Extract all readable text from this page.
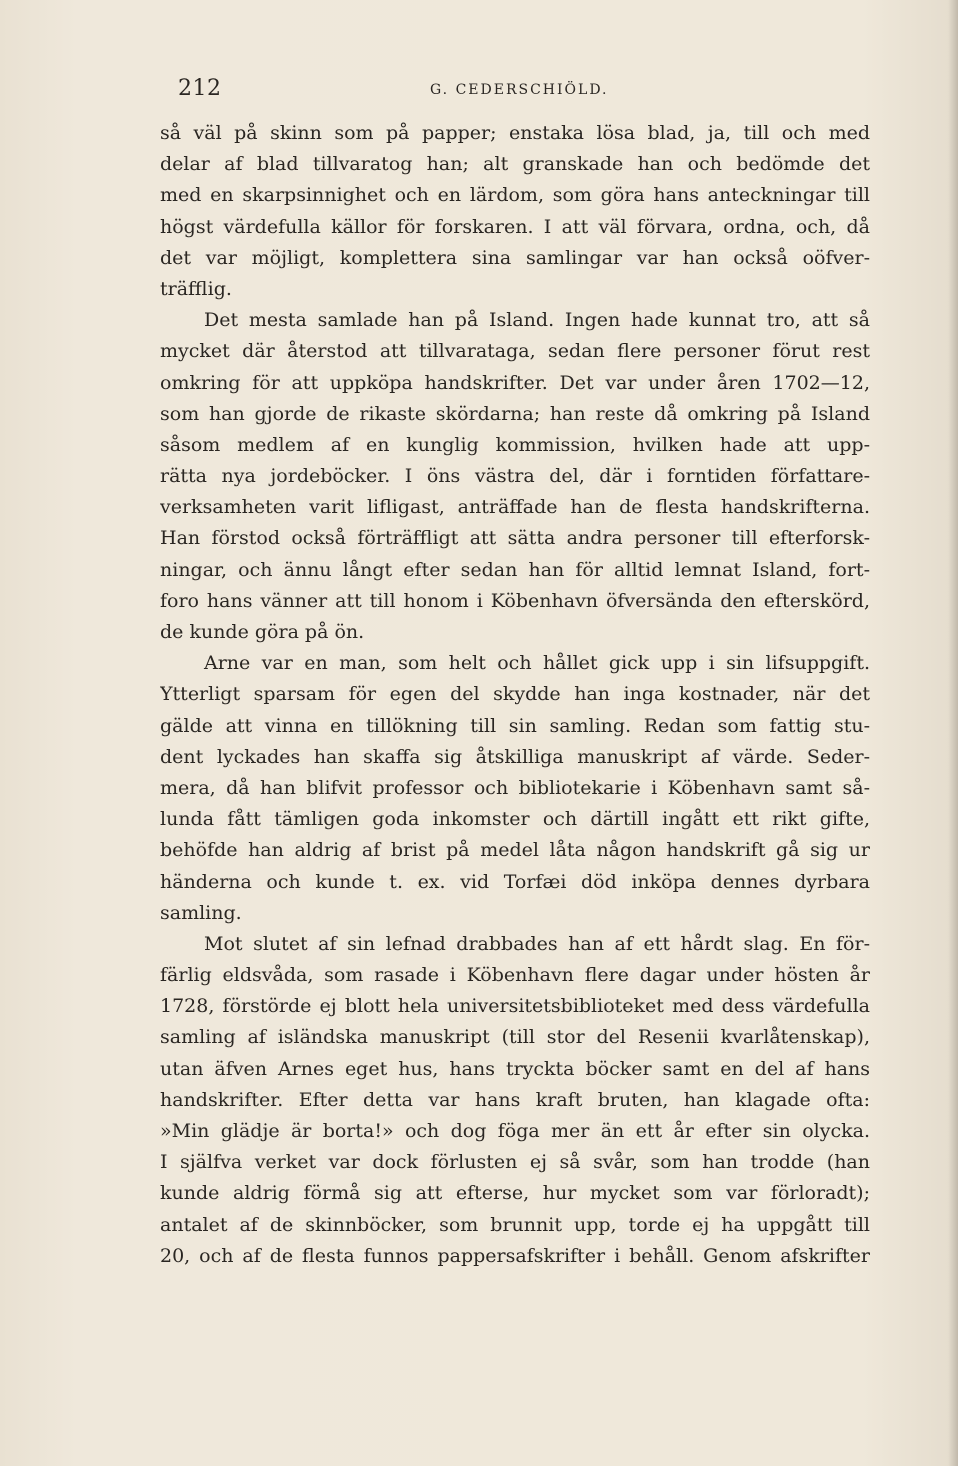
212	G. CEDERSCHIÖLD.
så väl på skinn som på papper; enstaka lösa blad, ja, till och med
delar af blad tillvaratog han; alt granskade han och bedömde det
med en skarpsinnighet och en lärdom, som göra hans anteckningar till
högst värdefulla källor för forskaren. I att väl förvara, ordna, och, då
det var möjligt, komplettera sina samlingar var han också oöfver-
träfflig.
Det mesta samlade han på Island. Ingen hade kunnat tro, att så
mycket där återstod att tillvarataga, sedan flere personer förut rest
omkring för att uppköpa handskrifter. Det var under åren 1702—12,
som han gjorde de rikaste skördarna; han reste då omkring på Island
såsom medlem af en kunglig kommission, hvilken hade att upp-
rätta nya jordeböcker. I öns västra del, där i forntiden författare-
verksamheten varit lifligast, anträffade han de flesta handskrifterna.
Han förstod också förträffligt att sätta andra personer till efterforsk-
ningar, och ännu långt efter sedan han för alltid lemnat Island, fort-
foro hans vänner att till honom i Köbenhavn öfversända den efterskörd,
de kunde göra på ön.
Arne var en man, som helt och hållet gick upp i sin lifsuppgift.
Ytterligt sparsam för egen del skydde han inga kostnader, när det
gälde att vinna en tillökning till sin samling. Redan som fattig stu-
dent lyckades han skaffa sig åtskilliga manuskript af värde. Seder-
mera, då han blifvit professor och bibliotekarie i Köbenhavn samt så-
lunda fått tämligen goda inkomster och därtill ingått ett rikt gifte,
behöfde han aldrig af brist på medel låta någon handskrift gå sig ur
händerna och kunde t. ex. vid Torfæi död inköpa dennes dyrbara
samling.
Mot slutet af sin lefnad drabbades han af ett hårdt slag. En för-
färlig eldsvåda, som rasade i Köbenhavn flere dagar under hösten år
1728, förstörde ej blott hela universitetsbiblioteket med dess värdefulla
samling af isländska manuskript (till stor del Resenii kvarlåtenskap),
utan äfven Arnes eget hus, hans tryckta böcker samt en del af hans
handskrifter. Efter detta var hans kraft bruten, han klagade ofta:
»Min glädje är borta!» och dog föga mer än ett år efter sin olycka.
I själfva verket var dock förlusten ej så svår, som han trodde (han
kunde aldrig förmå sig att efterse, hur mycket som var förloradt);
antalet af de skinnböcker, som brunnit upp, torde ej ha uppgått till
20, och af de flesta funnos pappersafskrifter i behåll. Genom afskrifter
